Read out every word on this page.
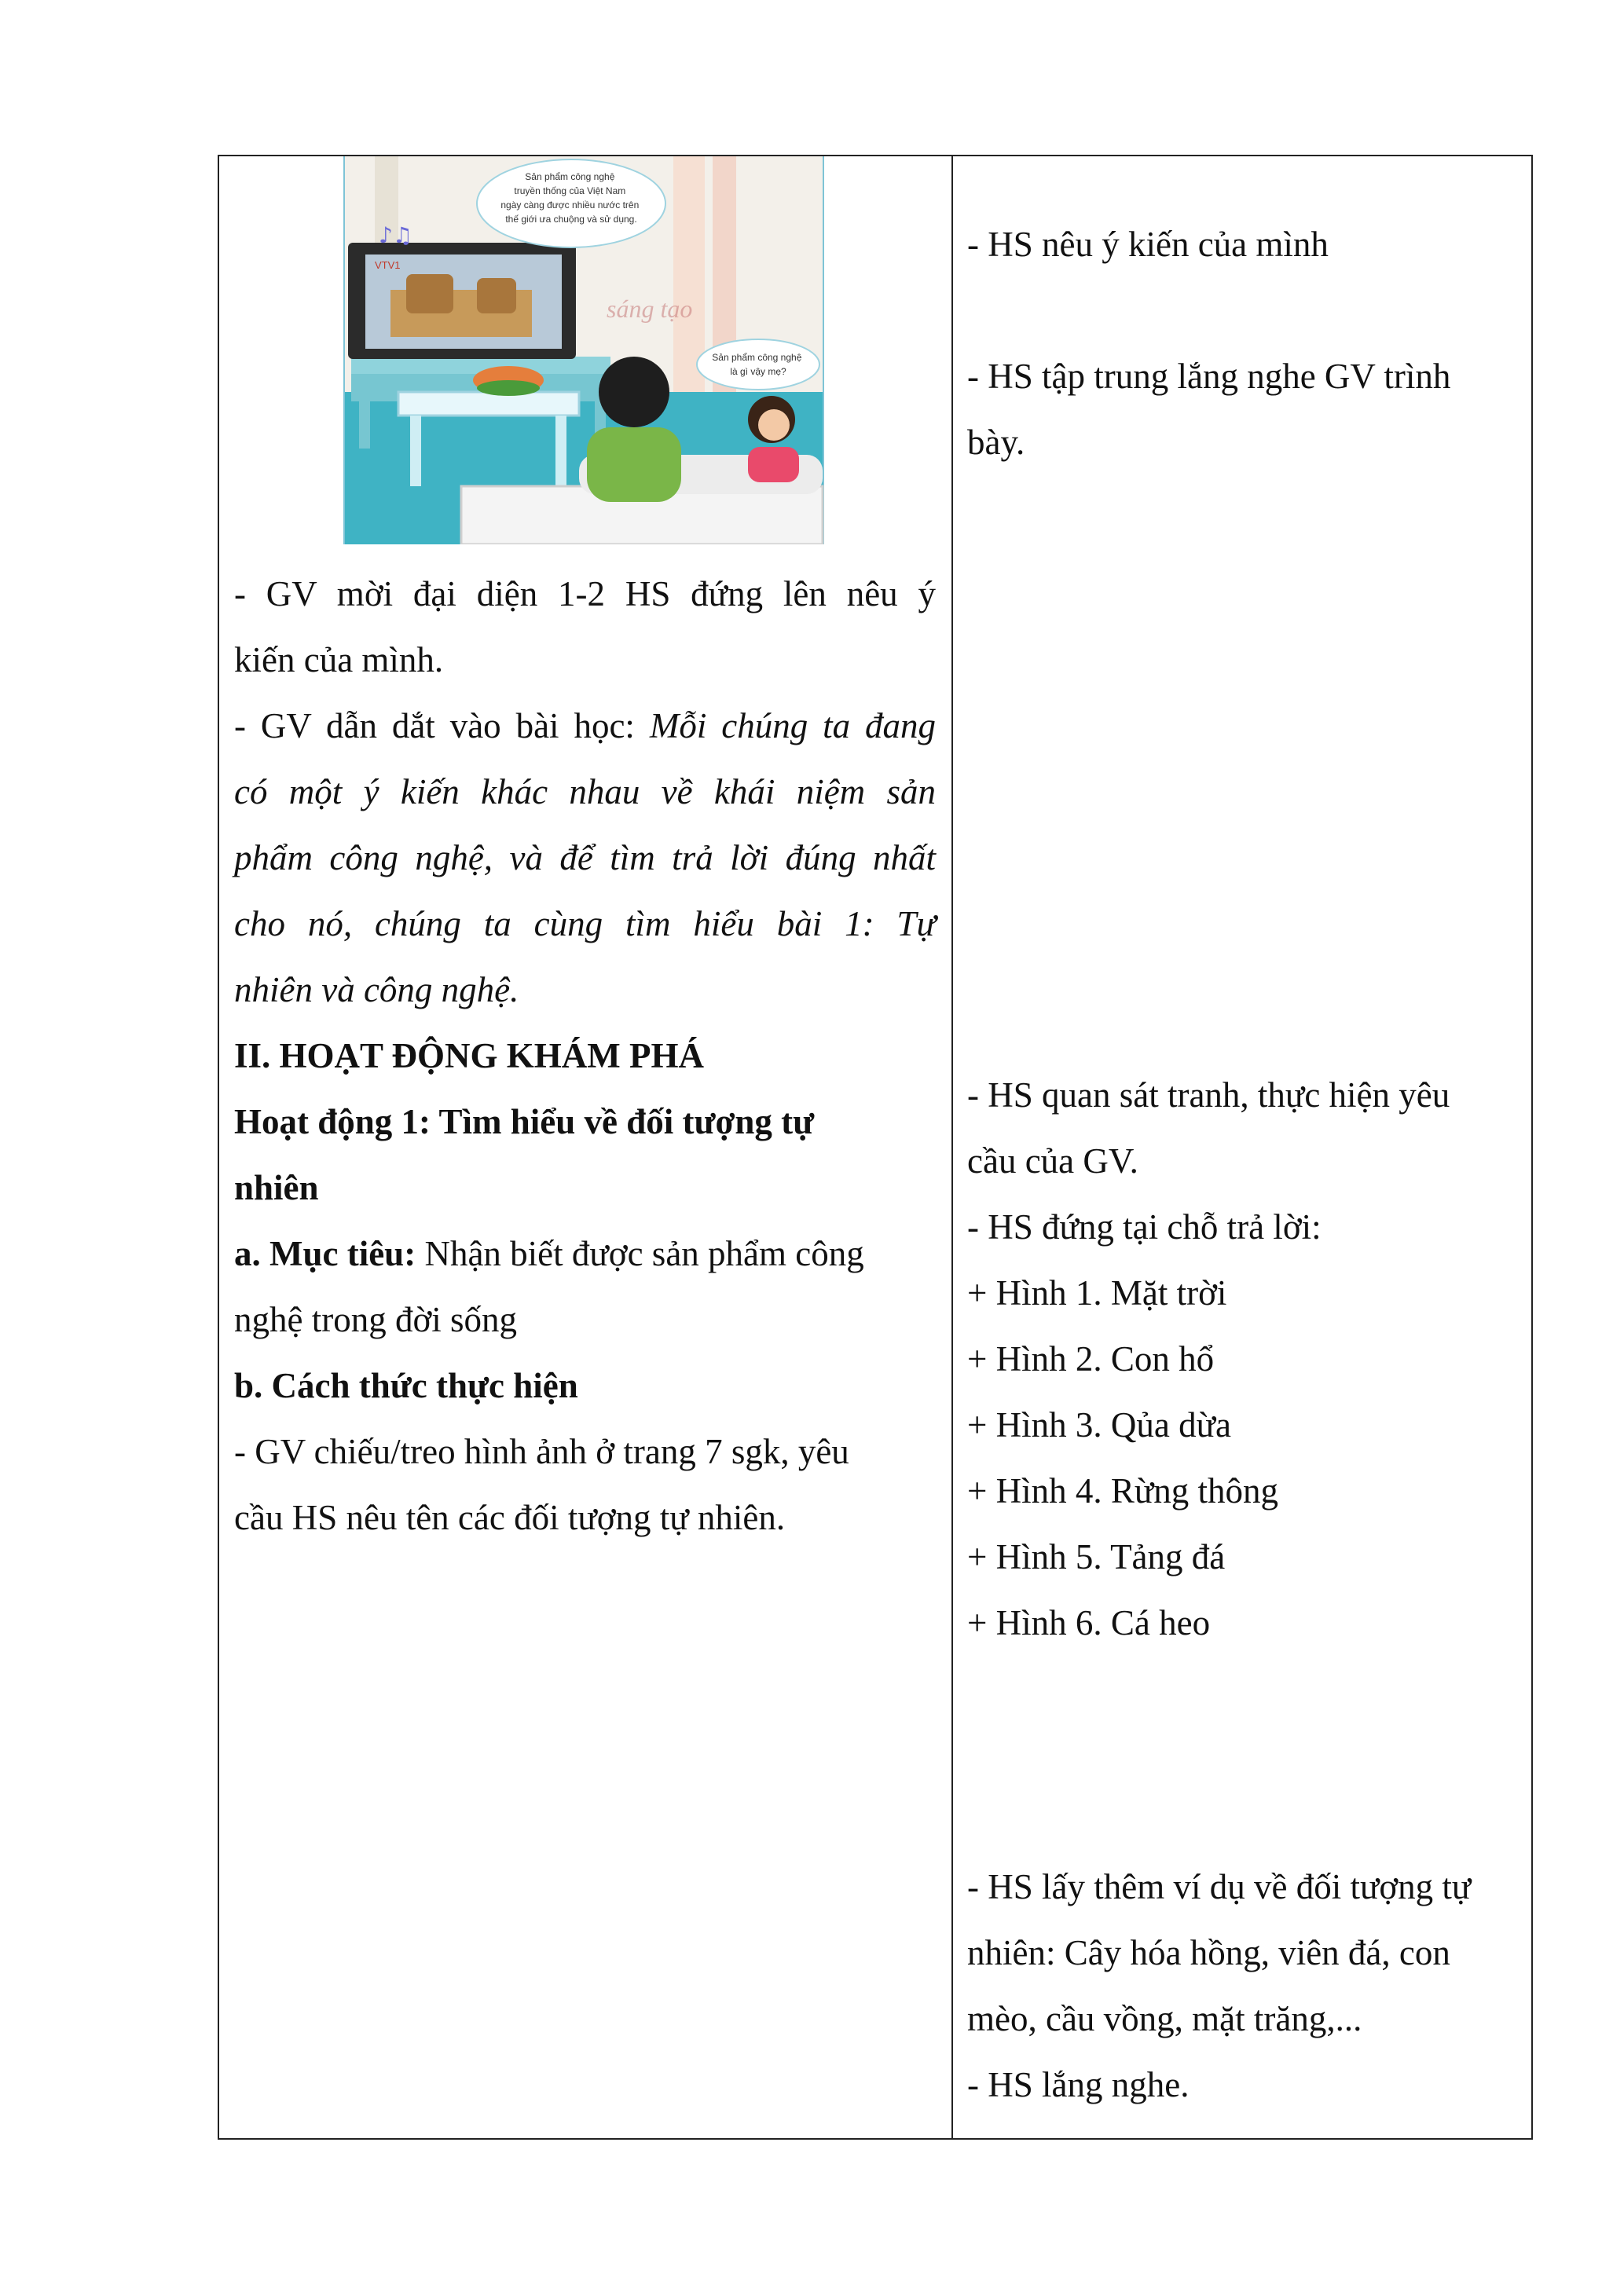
VTV1
Sản phẩm công nghệ truyền thống của Việt Nam ngày càng được nhiều nước trên thế giới ưa chuộng và sử dụng.
Sản phẩm công nghệ là gì vậy mẹ?
sáng tạo
♪♫
- GV mời đại diện 1-2 HS đứng lên nêu ý
kiến của mình.
- GV dẫn dắt vào bài học: Mỗi chúng ta đang
có một ý kiến khác nhau về khái niệm sản
phẩm công nghệ, và để tìm trả lời đúng nhất
cho nó, chúng ta cùng tìm hiểu bài 1: Tự
nhiên và công nghệ.
II. HOẠT ĐỘNG KHÁM PHÁ
Hoạt động 1: Tìm hiểu về đối tượng tự
nhiên
a. Mục tiêu: Nhận biết được sản phẩm công
nghệ trong đời sống
b. Cách thức thực hiện
- GV chiếu/treo hình ảnh ở trang 7 sgk, yêu
cầu HS nêu tên các đối tượng tự nhiên.
- HS nêu ý kiến của mình
- HS tập trung lắng nghe GV trình
bày.
- HS quan sát tranh, thực hiện yêu
cầu của GV.
- HS đứng tại chỗ trả lời:
+ Hình 1. Mặt trời
+ Hình 2. Con hổ
+ Hình 3. Qủa dừa
+ Hình 4. Rừng thông
+ Hình 5. Tảng đá
+ Hình 6. Cá heo
- HS lấy thêm ví dụ về đối tượng tự
nhiên: Cây hóa hồng, viên đá, con
mèo, cầu vồng, mặt trăng,...
- HS lắng nghe.
